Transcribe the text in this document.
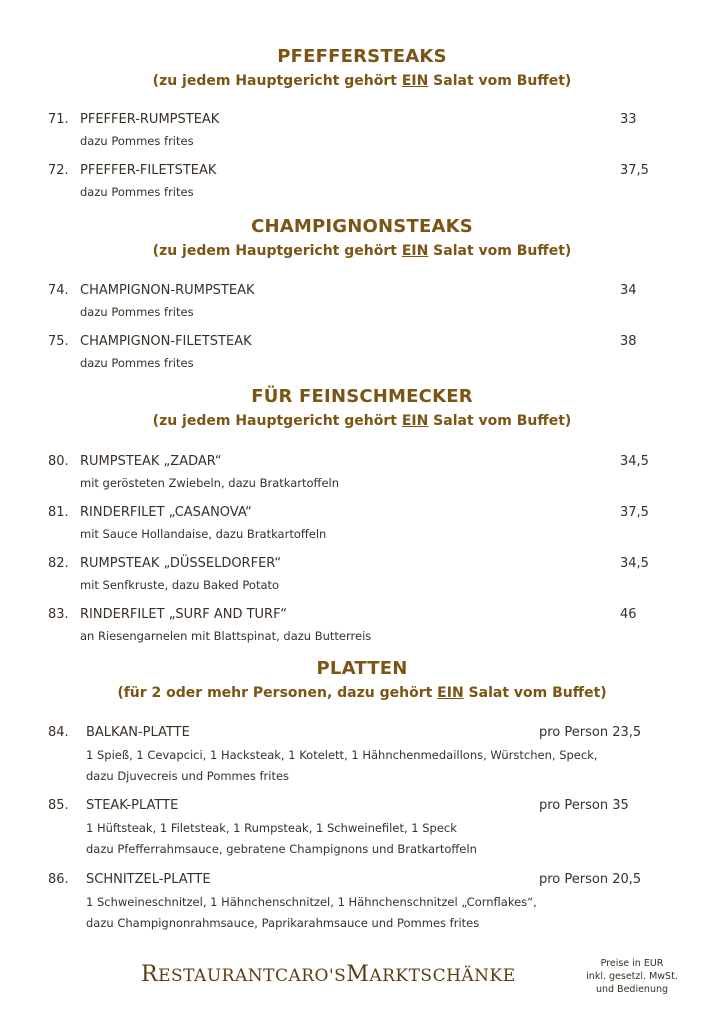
PFEFFERSTEAKS
(zu jedem Hauptgericht gehört EIN Salat vom Buffet)
71. PFEFFER-RUMPSTEAK	33
dazu Pommes frites
72. PFEFFER-FILETSTEAK	37,5
dazu Pommes frites
CHAMPIGNONSTEAKS
(zu jedem Hauptgericht gehört EIN Salat vom Buffet)
74. CHAMPIGNON-RUMPSTEAK	34
dazu Pommes frites
75. CHAMPIGNON-FILETSTEAK	38
dazu Pommes frites
FÜR FEINSCHMECKER
(zu jedem Hauptgericht gehört EIN Salat vom Buffet)
80. RUMPSTEAK „ZADAR“	34,5
mit gerösteten Zwiebeln, dazu Bratkartoffeln
81. RINDERFILET „CASANOVA“	37,5
mit Sauce Hollandaise, dazu Bratkartoffeln
82. RUMPSTEAK „DÜSSELDORFER“	34,5
mit Senfkruste, dazu Baked Potato
83. RINDERFILET „SURF AND TURF“	46
an Riesengarnelen mit Blattspinat, dazu Butterreis
PLATTEN
(für 2 oder mehr Personen, dazu gehört EIN Salat vom Buffet)
84. BALKAN-PLATTE	pro Person 23,5
1 Spieß, 1 Cevapcici, 1 Hacksteak, 1 Kotelett, 1 Hähnchenmedaillons, Würstchen, Speck,
dazu Djuvecreis und Pommes frites
85. STEAK-PLATTE	pro Person 35
1 Hüftsteak, 1 Filetsteak, 1 Rumpsteak, 1 Schweinefilet, 1 Speck
dazu Pfefferrahmsauce, gebratene Champignons und Bratkartoffeln
86. SCHNITZEL-PLATTE	pro Person 20,5
1 Schweineschnitzel, 1 Hähnchenschnitzel, 1 Hähnchenschnitzel „Cornflakes“,
dazu Champignonrahmsauce, Paprikarahmsauce und Pommes frites
RESTAURANTCARO'SMARKTSCHÄNKE
Preise in EUR
inkl. gesetzl. MwSt.
und Bedienung
